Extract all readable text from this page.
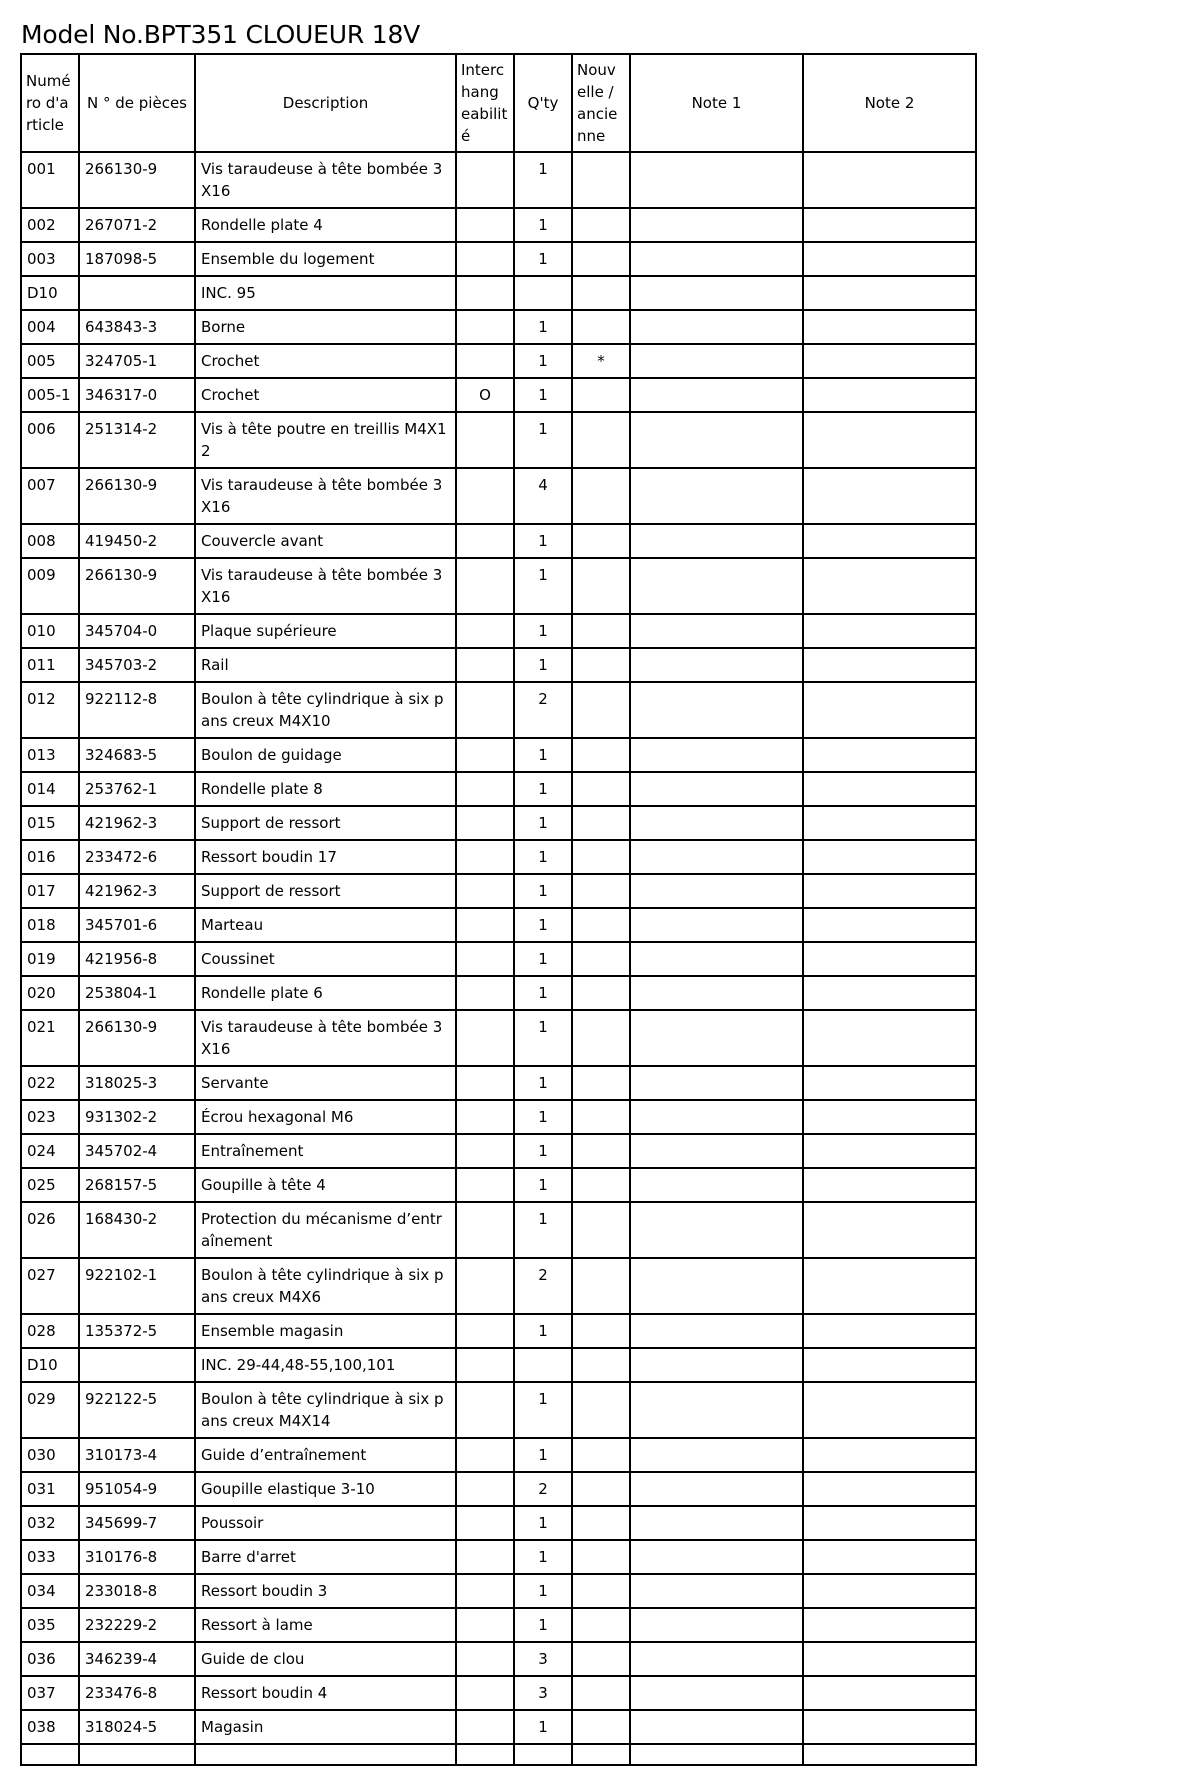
Model No.BPT351 CLOUEUR 18V
Numé ro d'a rticle	N ° de pièces	Description	Interc hang eabilit é	Q'ty	Nouv elle / ancie nne	Note 1	Note 2
001	266130-9	Vis taraudeuse à tête bombée 3X16		1			
002	267071-2	Rondelle plate 4		1			
003	187098-5	Ensemble du logement		1			
D10		INC. 95					
004	643843-3	Borne		1			
005	324705-1	Crochet		1	*		
005-1	346317-0	Crochet	O	1			
006	251314-2	Vis à tête poutre en treillis M4X12		1			
007	266130-9	Vis taraudeuse à tête bombée 3X16		4			
008	419450-2	Couvercle avant		1			
009	266130-9	Vis taraudeuse à tête bombée 3X16		1			
010	345704-0	Plaque supérieure		1			
011	345703-2	Rail		1			
012	922112-8	Boulon à tête cylindrique à six pans creux M4X10		2			
013	324683-5	Boulon de guidage		1			
014	253762-1	Rondelle plate 8		1			
015	421962-3	Support de ressort		1			
016	233472-6	Ressort boudin 17		1			
017	421962-3	Support de ressort		1			
018	345701-6	Marteau		1			
019	421956-8	Coussinet		1			
020	253804-1	Rondelle plate 6		1			
021	266130-9	Vis taraudeuse à tête bombée 3X16		1			
022	318025-3	Servante		1			
023	931302-2	Écrou hexagonal M6		1			
024	345702-4	Entraînement		1			
025	268157-5	Goupille à tête 4		1			
026	168430-2	Protection du mécanisme d’entraînement		1			
027	922102-1	Boulon à tête cylindrique à six pans creux M4X6		2			
028	135372-5	Ensemble magasin		1			
D10		INC. 29-44,48-55,100,101					
029	922122-5	Boulon à tête cylindrique à six pans creux M4X14		1			
030	310173-4	Guide d’entraînement		1			
031	951054-9	Goupille elastique 3-10		2			
032	345699-7	Poussoir		1			
033	310176-8	Barre d'arret		1			
034	233018-8	Ressort boudin 3		1			
035	232229-2	Ressort à lame		1			
036	346239-4	Guide de clou		3			
037	233476-8	Ressort boudin 4		3			
038	318024-5	Magasin		1			
